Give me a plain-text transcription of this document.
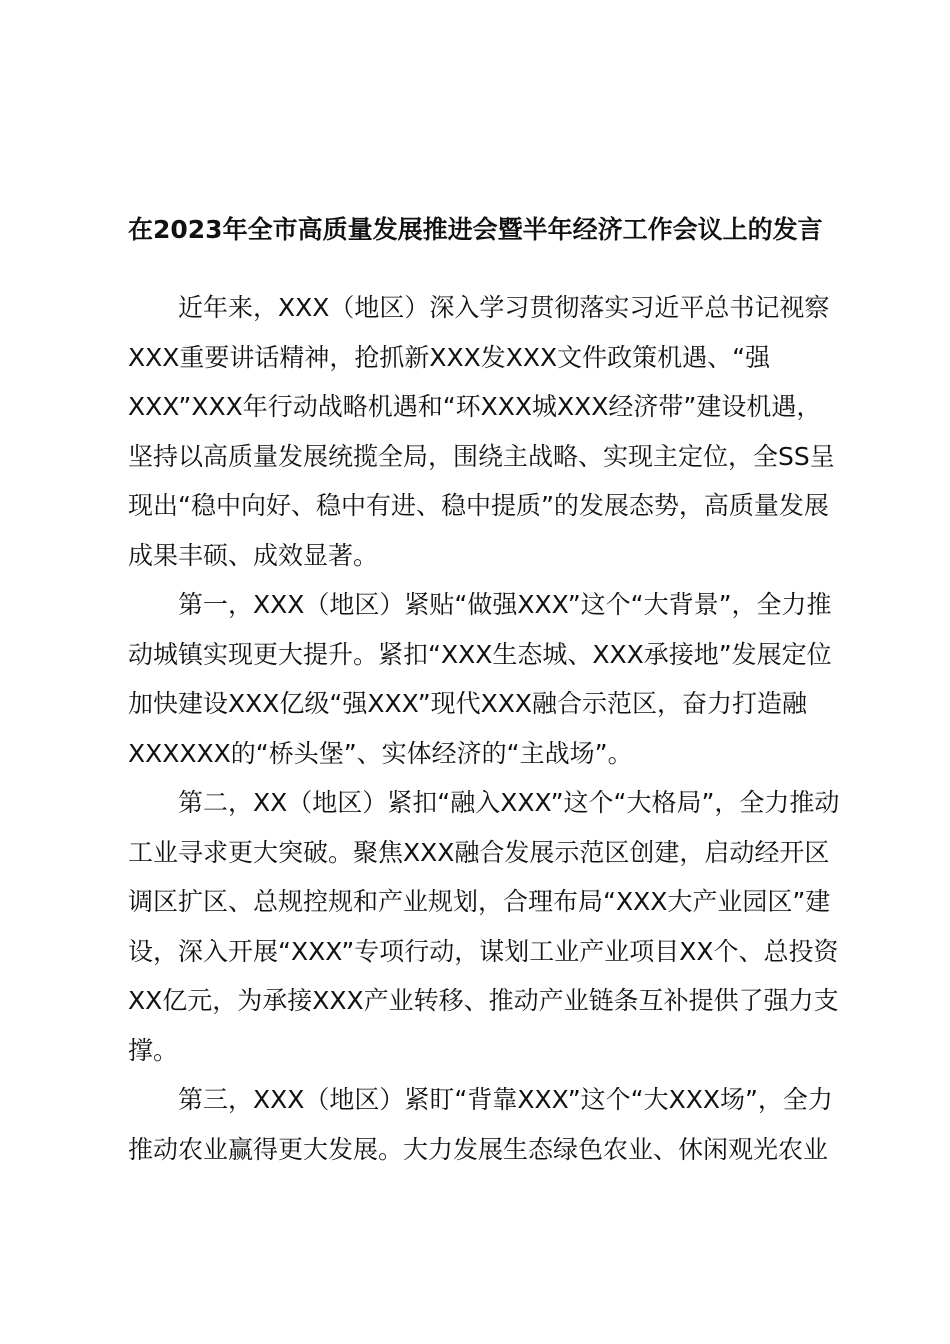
在2023年全市高质量发展推进会暨半年经济工作会议上的发言

近年来，XXX（地区）深入学习贯彻落实习近平总书记视察
XXX重要讲话精神，抢抓新XXX发XXX文件政策机遇、“强
XXX”XXX年行动战略机遇和“环XXX城XXX经济带”建设机遇，
坚持以高质量发展统揽全局，围绕主战略、实现主定位，全SS呈
现出“稳中向好、稳中有进、稳中提质”的发展态势，高质量发展
成果丰硕、成效显著。

第一，XXX（地区）紧贴“做强XXX”这个“大背景”，全力推
动城镇实现更大提升。紧扣“XXX生态城、XXX承接地”发展定位
加快建设XXX亿级“强XXX”现代XXX融合示范区，奋力打造融
XXXXXX的“桥头堡”、实体经济的“主战场”。

第二，XX（地区）紧扣“融入XXX”这个“大格局”，全力推动
工业寻求更大突破。聚焦XXX融合发展示范区创建，启动经开区
调区扩区、总规控规和产业规划，合理布局“XXX大产业园区”建
设，深入开展“XXX”专项行动，谋划工业产业项目XX个、总投资
XX亿元，为承接XXX产业转移、推动产业链条互补提供了强力支
撑。

第三，XXX（地区）紧盯“背靠XXX”这个“大XXX场”，全力
推动农业赢得更大发展。大力发展生态绿色农业、休闲观光农业
